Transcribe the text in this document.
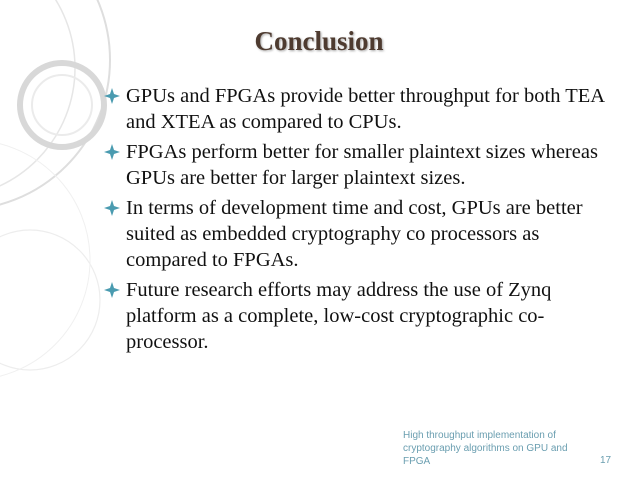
Conclusion
GPUs and FPGAs provide better throughput for both TEA and XTEA as compared to CPUs.
FPGAs perform better for smaller plaintext sizes whereas GPUs are better for larger plaintext sizes.
In terms of development time and cost, GPUs are better suited as embedded cryptography co processors as compared to FPGAs.
Future research efforts may address the use of Zynq platform as a complete, low-cost cryptographic co-processor.
High throughput implementation of cryptography algorithms on GPU and FPGA	17
